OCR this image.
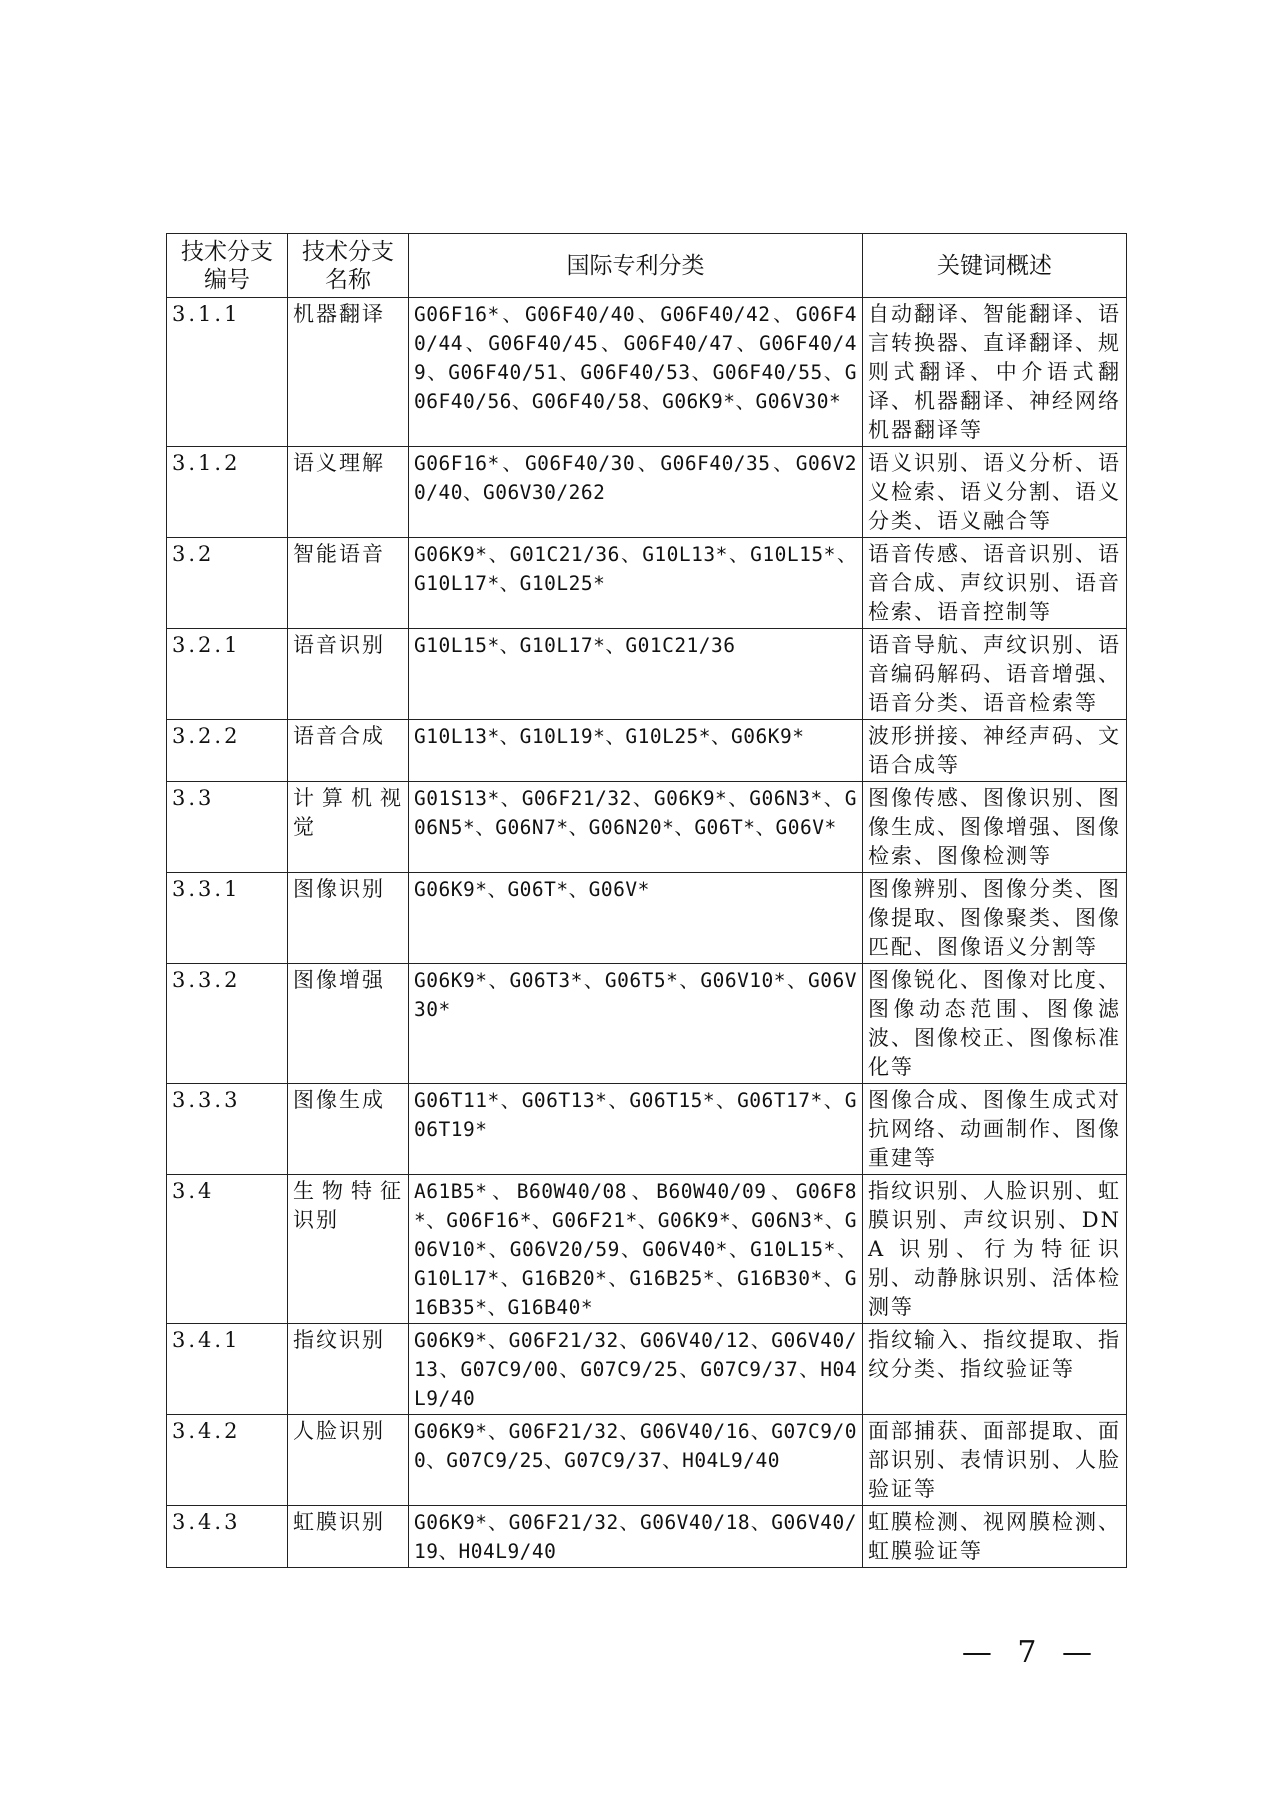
技术分支编号	技术分支名称	国际专利分类	关键词概述
3.1.1	机器翻译	G06F16*、G06F40/40、G06F40/42、G06F40/44、G06F40/45、G06F40/47、G06F40/49、G06F40/51、G06F40/53、G06F40/55、G06F40/56、G06F40/58、G06K9*、G06V30*	自动翻译、智能翻译、语言转换器、直译翻译、规则式翻译、中介语式翻译、机器翻译、神经网络机器翻译等
3.1.2	语义理解	G06F16*、G06F40/30、G06F40/35、G06V20/40、G06V30/262	语义识别、语义分析、语义检索、语义分割、语义分类、语义融合等
3.2	智能语音	G06K9*、G01C21/36、G10L13*、G10L15*、G10L17*、G10L25*	语音传感、语音识别、语音合成、声纹识别、语音检索、语音控制等
3.2.1	语音识别	G10L15*、G10L17*、G01C21/36	语音导航、声纹识别、语音编码解码、语音增强、语音分类、语音检索等
3.2.2	语音合成	G10L13*、G10L19*、G10L25*、G06K9*	波形拼接、神经声码、文语合成等
3.3	计算机视觉	G01S13*、G06F21/32、G06K9*、G06N3*、G06N5*、G06N7*、G06N20*、G06T*、G06V*	图像传感、图像识别、图像生成、图像增强、图像检索、图像检测等
3.3.1	图像识别	G06K9*、G06T*、G06V*	图像辨别、图像分类、图像提取、图像聚类、图像匹配、图像语义分割等
3.3.2	图像增强	G06K9*、G06T3*、G06T5*、G06V10*、G06V30*	图像锐化、图像对比度、图像动态范围、图像滤波、图像校正、图像标准化等
3.3.3	图像生成	G06T11*、G06T13*、G06T15*、G06T17*、G06T19*	图像合成、图像生成式对抗网络、动画制作、图像重建等
3.4	生物特征识别	A61B5*、B60W40/08、B60W40/09、G06F8*、G06F16*、G06F21*、G06K9*、G06N3*、G06V10*、G06V20/59、G06V40*、G10L15*、G10L17*、G16B20*、G16B25*、G16B30*、G16B35*、G16B40*	指纹识别、人脸识别、虹膜识别、声纹识别、DNA 识别、行为特征识别、动静脉识别、活体检测等
3.4.1	指纹识别	G06K9*、G06F21/32、G06V40/12、G06V40/13、G07C9/00、G07C9/25、G07C9/37、H04L9/40	指纹输入、指纹提取、指纹分类、指纹验证等
3.4.2	人脸识别	G06K9*、G06F21/32、G06V40/16、G07C9/00、G07C9/25、G07C9/37、H04L9/40	面部捕获、面部提取、面部识别、表情识别、人脸验证等
3.4.3	虹膜识别	G06K9*、G06F21/32、G06V40/18、G06V40/19、H04L9/40	虹膜检测、视网膜检测、虹膜验证等
— 7 —
